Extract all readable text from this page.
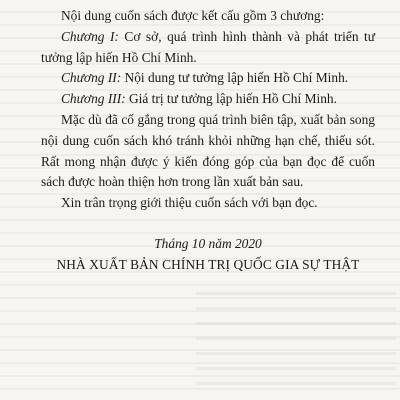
Nội dung cuốn sách được kết cấu gồm 3 chương:

Chương I: Cơ sở, quá trình hình thành và phát triển tư tưởng lập hiến Hồ Chí Minh.

Chương II: Nội dung tư tưởng lập hiến Hồ Chí Minh.

Chương III: Giá trị tư tưởng lập hiến Hồ Chí Minh.

Mặc dù đã cố gắng trong quá trình biên tập, xuất bản song nội dung cuốn sách khó tránh khỏi những hạn chế, thiếu sót. Rất mong nhận được ý kiến đóng góp của bạn đọc để cuốn sách được hoàn thiện hơn trong lần xuất bản sau.

Xin trân trọng giới thiệu cuốn sách với bạn đọc.

Tháng 10 năm 2020

NHÀ XUẤT BẢN CHÍNH TRỊ QUỐC GIA SỰ THẬT
